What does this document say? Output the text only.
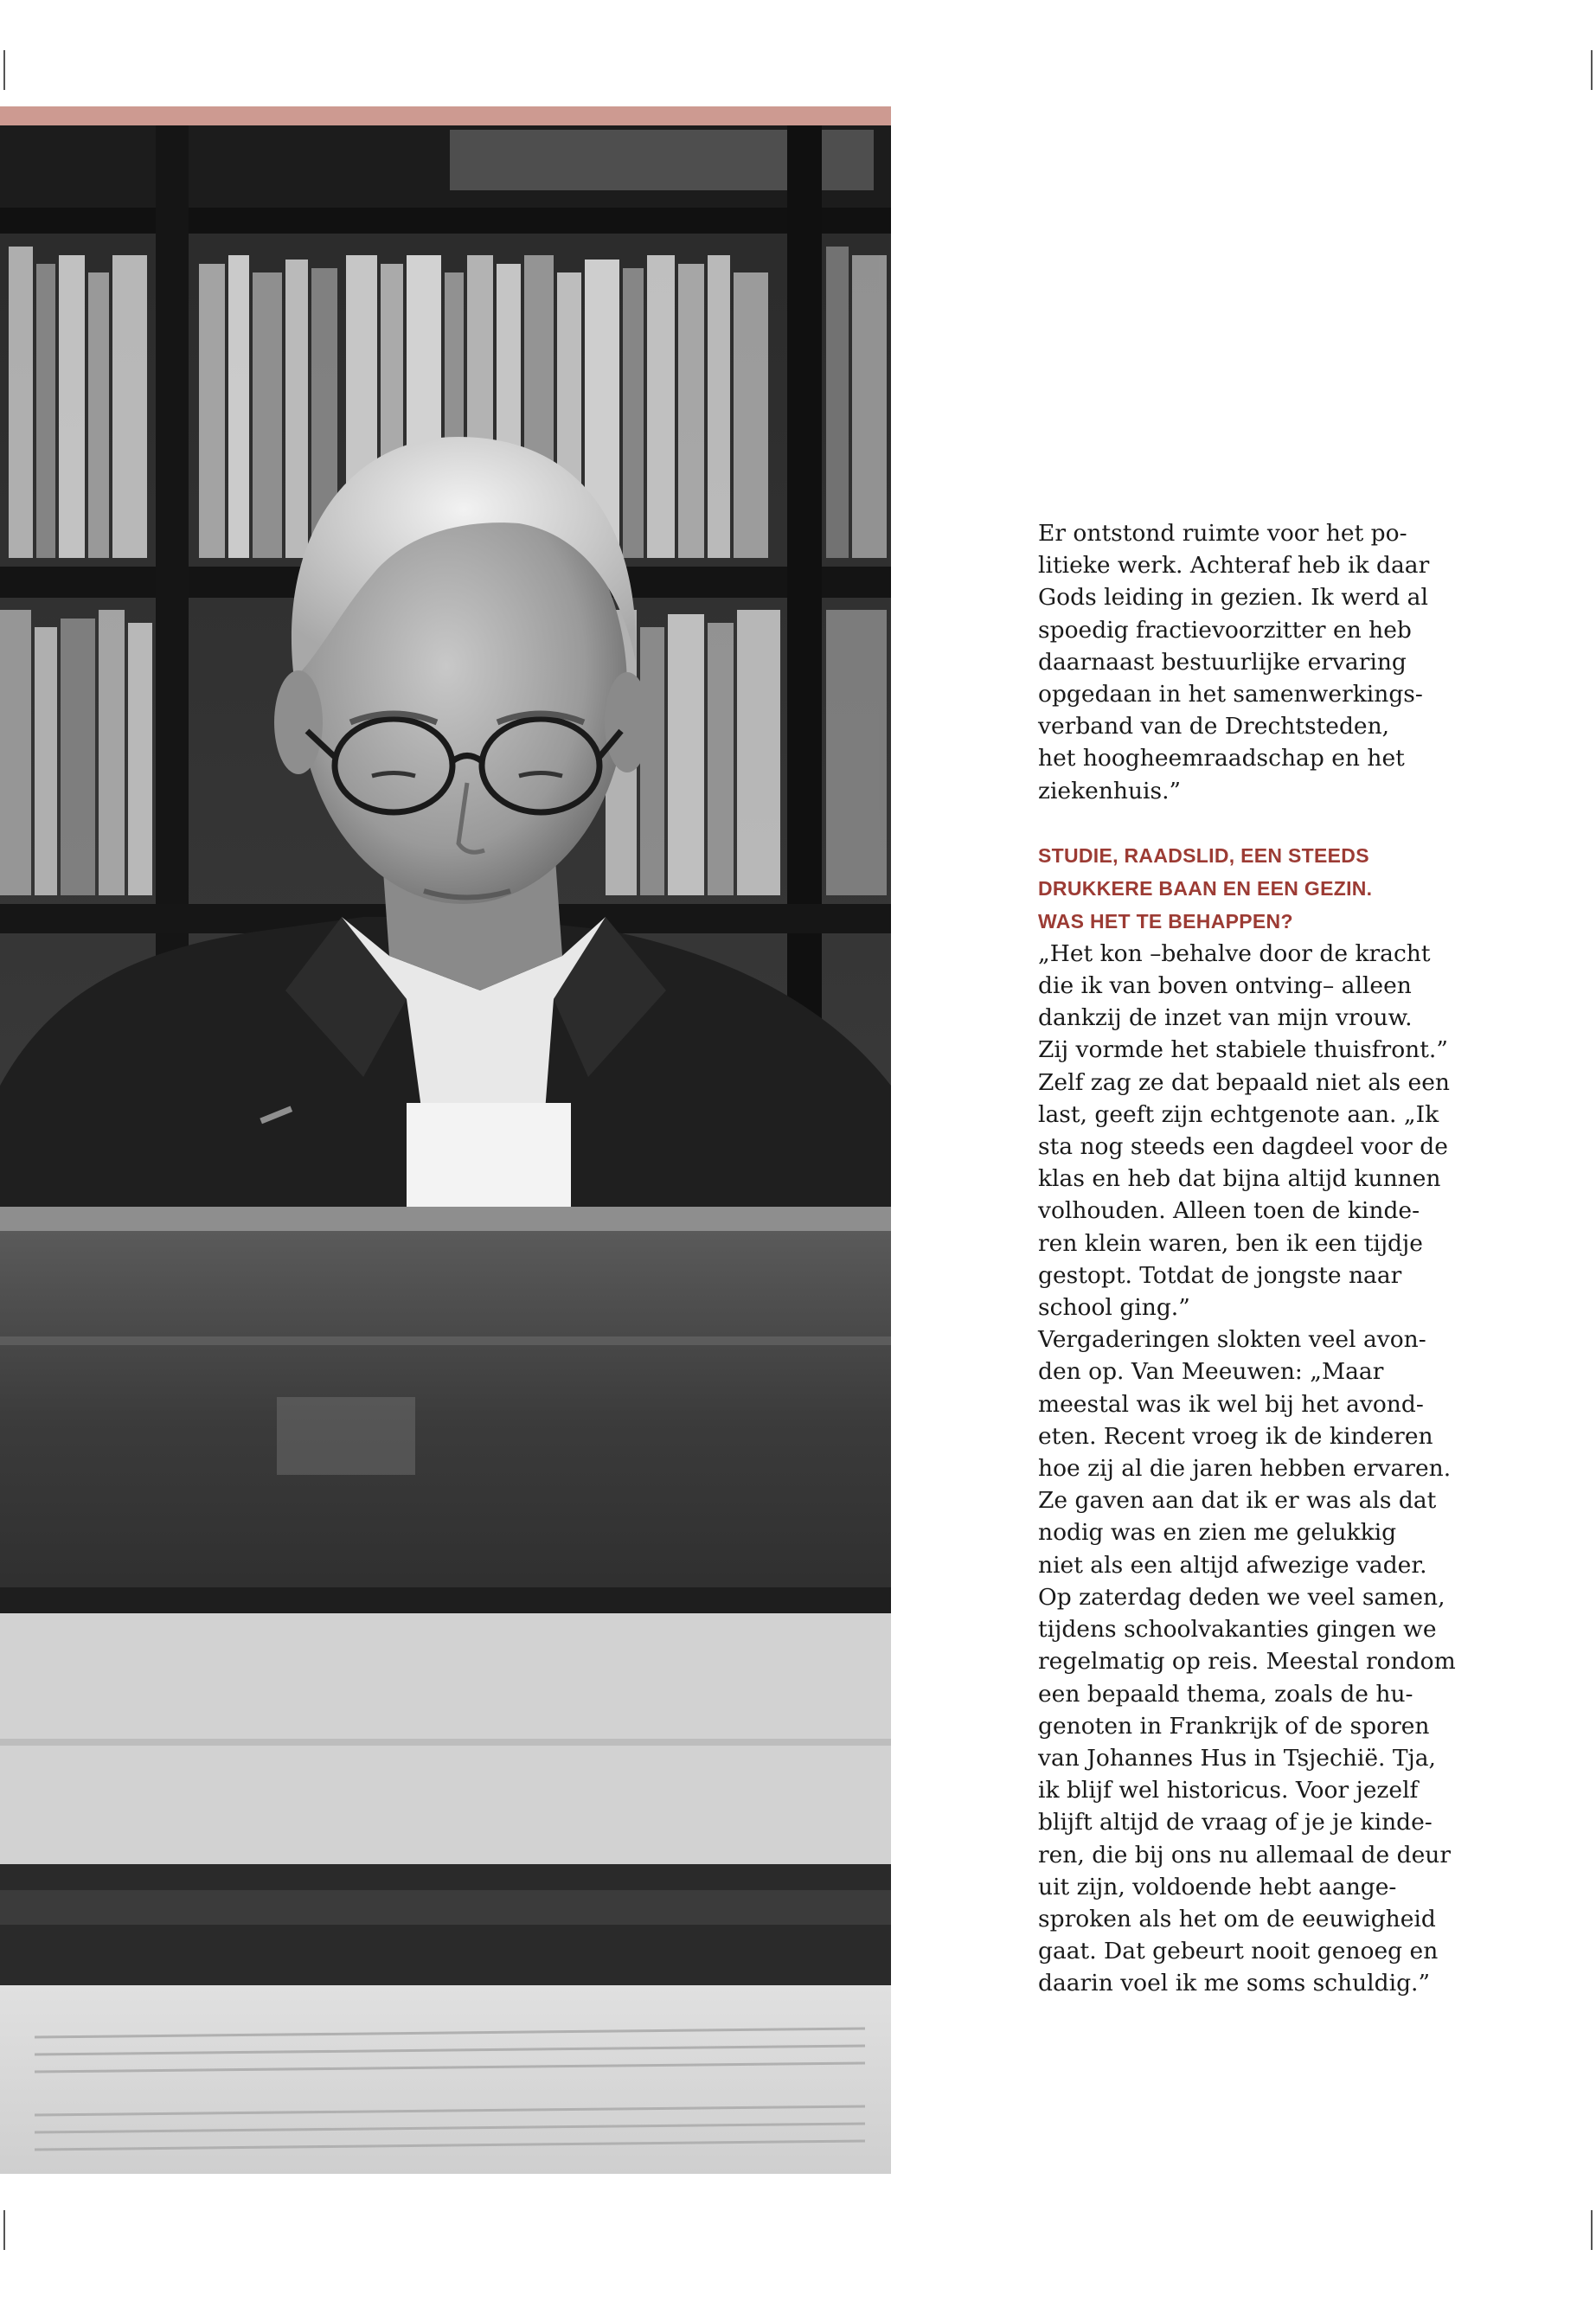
Er ontstond ruimte voor het po-
litieke werk. Achteraf heb ik daar
Gods leiding in gezien. Ik werd al
spoedig fractievoorzitter en heb
daarnaast bestuurlijke ervaring
opgedaan in het samenwerkings-
verband van de Drechtsteden,
het hoogheemraadschap en het
ziekenhuis.”

STUDIE, RAADSLID, EEN STEEDS
DRUKKERE BAAN EN EEN GEZIN.
WAS HET TE BEHAPPEN?

„Het kon –behalve door de kracht
die ik van boven ontving– alleen
dankzij de inzet van mijn vrouw.
Zij vormde het stabiele thuisfront.”
Zelf zag ze dat bepaald niet als een
last, geeft zijn echtgenote aan. „Ik
sta nog steeds een dagdeel voor de
klas en heb dat bijna altijd kunnen
volhouden. Alleen toen de kinde-
ren klein waren, ben ik een tijdje
gestopt. Totdat de jongste naar
school ging.”
Vergaderingen slokten veel avon-
den op. Van Meeuwen: „Maar
meestal was ik wel bij het avond-
eten. Recent vroeg ik de kinderen
hoe zij al die jaren hebben ervaren.
Ze gaven aan dat ik er was als dat
nodig was en zien me gelukkig
niet als een altijd afwezige vader.
Op zaterdag deden we veel samen,
tijdens schoolvakanties gingen we
regelmatig op reis. Meestal rondom
een bepaald thema, zoals de hu-
genoten in Frankrijk of de sporen
van Johannes Hus in Tsjechië. Tja,
ik blijf wel historicus. Voor jezelf
blijft altijd de vraag of je je kinde-
ren, die bij ons nu allemaal de deur
uit zijn, voldoende hebt aange-
sproken als het om de eeuwigheid
gaat. Dat gebeurt nooit genoeg en
daarin voel ik me soms schuldig.”
